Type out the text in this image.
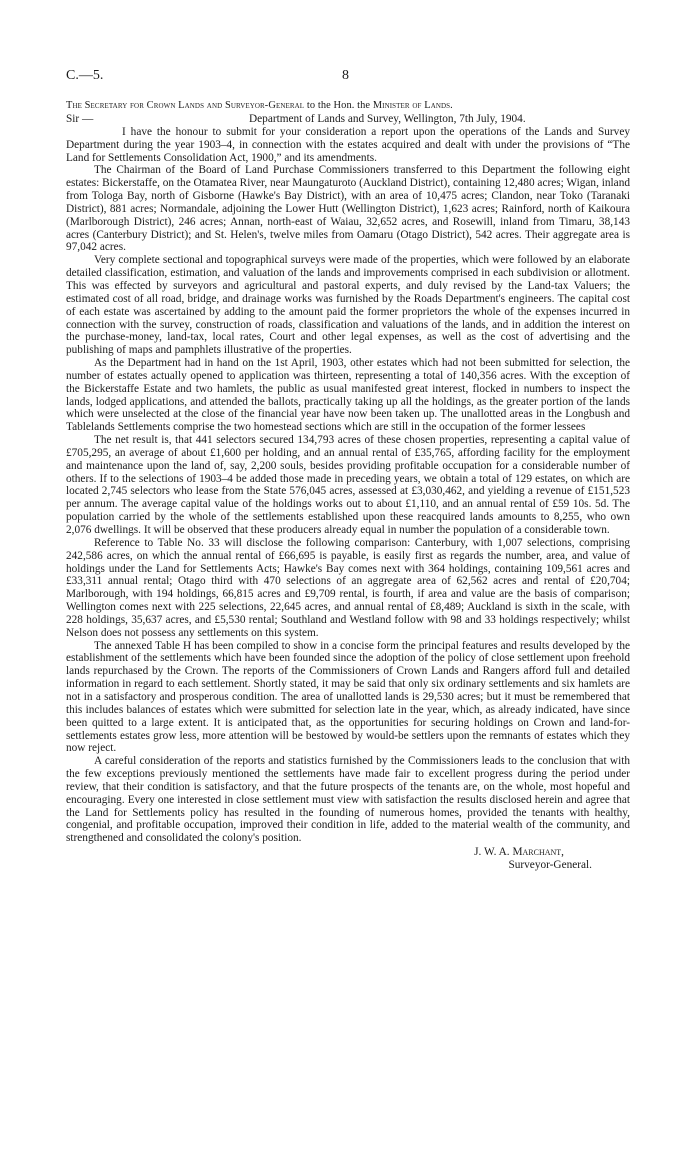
C.—5.	8

The Secretary for Crown Lands and Surveyor-General to the Hon. the Minister of Lands.

Sir —	Department of Lands and Survey, Wellington, 7th July, 1904.

I have the honour to submit for your consideration a report upon the operations of the Lands and Survey Department during the year 1903–4, in connection with the estates acquired and dealt with under the provisions of “The Land for Settlements Consolidation Act, 1900,” and its amendments.

The Chairman of the Board of Land Purchase Commissioners transferred to this Department the following eight estates: Bickerstaffe, on the Otamatea River, near Maungaturoto (Auckland District), containing 12,480 acres; Wigan, inland from Tologa Bay, north of Gisborne (Hawke's Bay District), with an area of 10,475 acres; Clandon, near Toko (Taranaki District), 881 acres; Normandale, adjoining the Lower Hutt (Wellington District), 1,623 acres; Rainford, north of Kaikoura (Marlborough District), 246 acres; Annan, north-east of Waiau, 32,652 acres, and Rosewill, inland from Timaru, 38,143 acres (Canterbury District); and St. Helen's, twelve miles from Oamaru (Otago District), 542 acres. Their aggregate area is 97,042 acres.

Very complete sectional and topographical surveys were made of the properties, which were followed by an elaborate detailed classification, estimation, and valuation of the lands and improvements comprised in each subdivision or allotment. This was effected by surveyors and agricultural and pastoral experts, and duly revised by the Land-tax Valuers; the estimated cost of all road, bridge, and drainage works was furnished by the Roads Department's engineers. The capital cost of each estate was ascertained by adding to the amount paid the former proprietors the whole of the expenses incurred in connection with the survey, construction of roads, classification and valuations of the lands, and in addition the interest on the purchase-money, land-tax, local rates, Court and other legal expenses, as well as the cost of advertising and the publishing of maps and pamphlets illustrative of the properties.

As the Department had in hand on the 1st April, 1903, other estates which had not been submitted for selection, the number of estates actually opened to application was thirteen, representing a total of 140,356 acres. With the exception of the Bickerstaffe Estate and two hamlets, the public as usual manifested great interest, flocked in numbers to inspect the lands, lodged applications, and attended the ballots, practically taking up all the holdings, as the greater portion of the lands which were unselected at the close of the financial year have now been taken up. The unallotted areas in the Longbush and Tablelands Settlements comprise the two homestead sections which are still in the occupation of the former lessees

The net result is, that 441 selectors secured 134,793 acres of these chosen properties, representing a capital value of £705,295, an average of about £1,600 per holding, and an annual rental of £35,765, affording facility for the employment and maintenance upon the land of, say, 2,200 souls, besides providing profitable occupation for a considerable number of others. If to the selections of 1903–4 be added those made in preceding years, we obtain a total of 129 estates, on which are located 2,745 selectors who lease from the State 576,045 acres, assessed at £3,030,462, and yielding a revenue of £151,523 per annum. The average capital value of the holdings works out to about £1,110, and an annual rental of £59 10s. 5d. The population carried by the whole of the settlements established upon these reacquired lands amounts to 8,255, who own 2,076 dwellings. It will be observed that these producers already equal in number the population of a considerable town.

Reference to Table No. 33 will disclose the following comparison: Canterbury, with 1,007 selections, comprising 242,586 acres, on which the annual rental of £66,695 is payable, is easily first as regards the number, area, and value of holdings under the Land for Settlements Acts; Hawke's Bay comes next with 364 holdings, containing 109,561 acres and £33,311 annual rental; Otago third with 470 selections of an aggregate area of 62,562 acres and rental of £20,704; Marlborough, with 194 holdings, 66,815 acres and £9,709 rental, is fourth, if area and value are the basis of comparison; Wellington comes next with 225 selections, 22,645 acres, and annual rental of £8,489; Auckland is sixth in the scale, with 228 holdings, 35,637 acres, and £5,530 rental; Southland and Westland follow with 98 and 33 holdings respectively; whilst Nelson does not possess any settlements on this system.

The annexed Table H has been compiled to show in a concise form the principal features and results developed by the establishment of the settlements which have been founded since the adoption of the policy of close settlement upon freehold lands repurchased by the Crown. The reports of the Commissioners of Crown Lands and Rangers afford full and detailed information in regard to each settlement. Shortly stated, it may be said that only six ordinary settlements and six hamlets are not in a satisfactory and prosperous condition. The area of unallotted lands is 29,530 acres; but it must be remembered that this includes balances of estates which were submitted for selection late in the year, which, as already indicated, have since been quitted to a large extent. It is anticipated that, as the opportunities for securing holdings on Crown and land-for-settlements estates grow less, more attention will be bestowed by would-be settlers upon the remnants of estates which they now reject.

A careful consideration of the reports and statistics furnished by the Commissioners leads to the conclusion that with the few exceptions previously mentioned the settlements have made fair to excellent progress during the period under review, that their condition is satisfactory, and that the future prospects of the tenants are, on the whole, most hopeful and encouraging. Every one interested in close settlement must view with satisfaction the results disclosed herein and agree that the Land for Settlements policy has resulted in the founding of numerous homes, provided the tenants with healthy, congenial, and profitable occupation, improved their condition in life, added to the material wealth of the community, and strengthened and consolidated the colony's position.

J. W. A. Marchant,
Surveyor-General.
